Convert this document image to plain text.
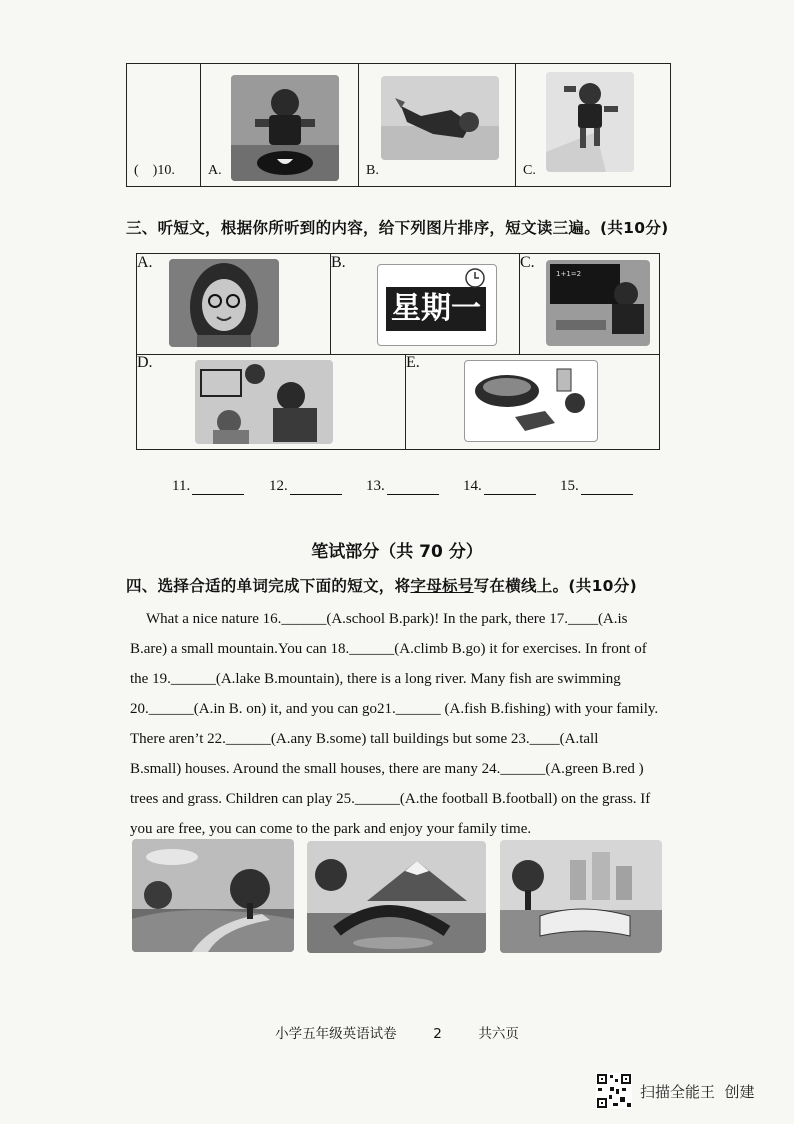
(　)10. A.	B.	C.
三、听短文，根据你所听到的内容，给下列图片排序，短文读三遍。(共10分)
A.
星期一
B.
1+1=2
C.
D.	E.
11.	12.	13.	14.	15.
笔试部分（共 70 分）
四、选择合适的单词完成下面的短文，将字母标号写在横线上。(共10分)
What a nice nature 16.______(A.school B.park)! In the park, there 17.____(A.is
B.are) a small mountain.You can 18.______(A.climb B.go) it for exercises. In front of
the 19.______(A.lake B.mountain), there is a long river. Many fish are swimming
20.______(A.in B. on) it, and you can go21.______ (A.fish B.fishing) with your family.
There aren’t 22.______(A.any B.some) tall buildings but some 23.____(A.tall
B.small) houses. Around the small houses, there are many 24.______(A.green B.red )
trees and grass. Children can play 25.______(A.the football B.football) on the grass. If
you are free, you can come to the park and enjoy your family time.
小学五年级英语试卷	2	共六页
扫描全能王  创建
